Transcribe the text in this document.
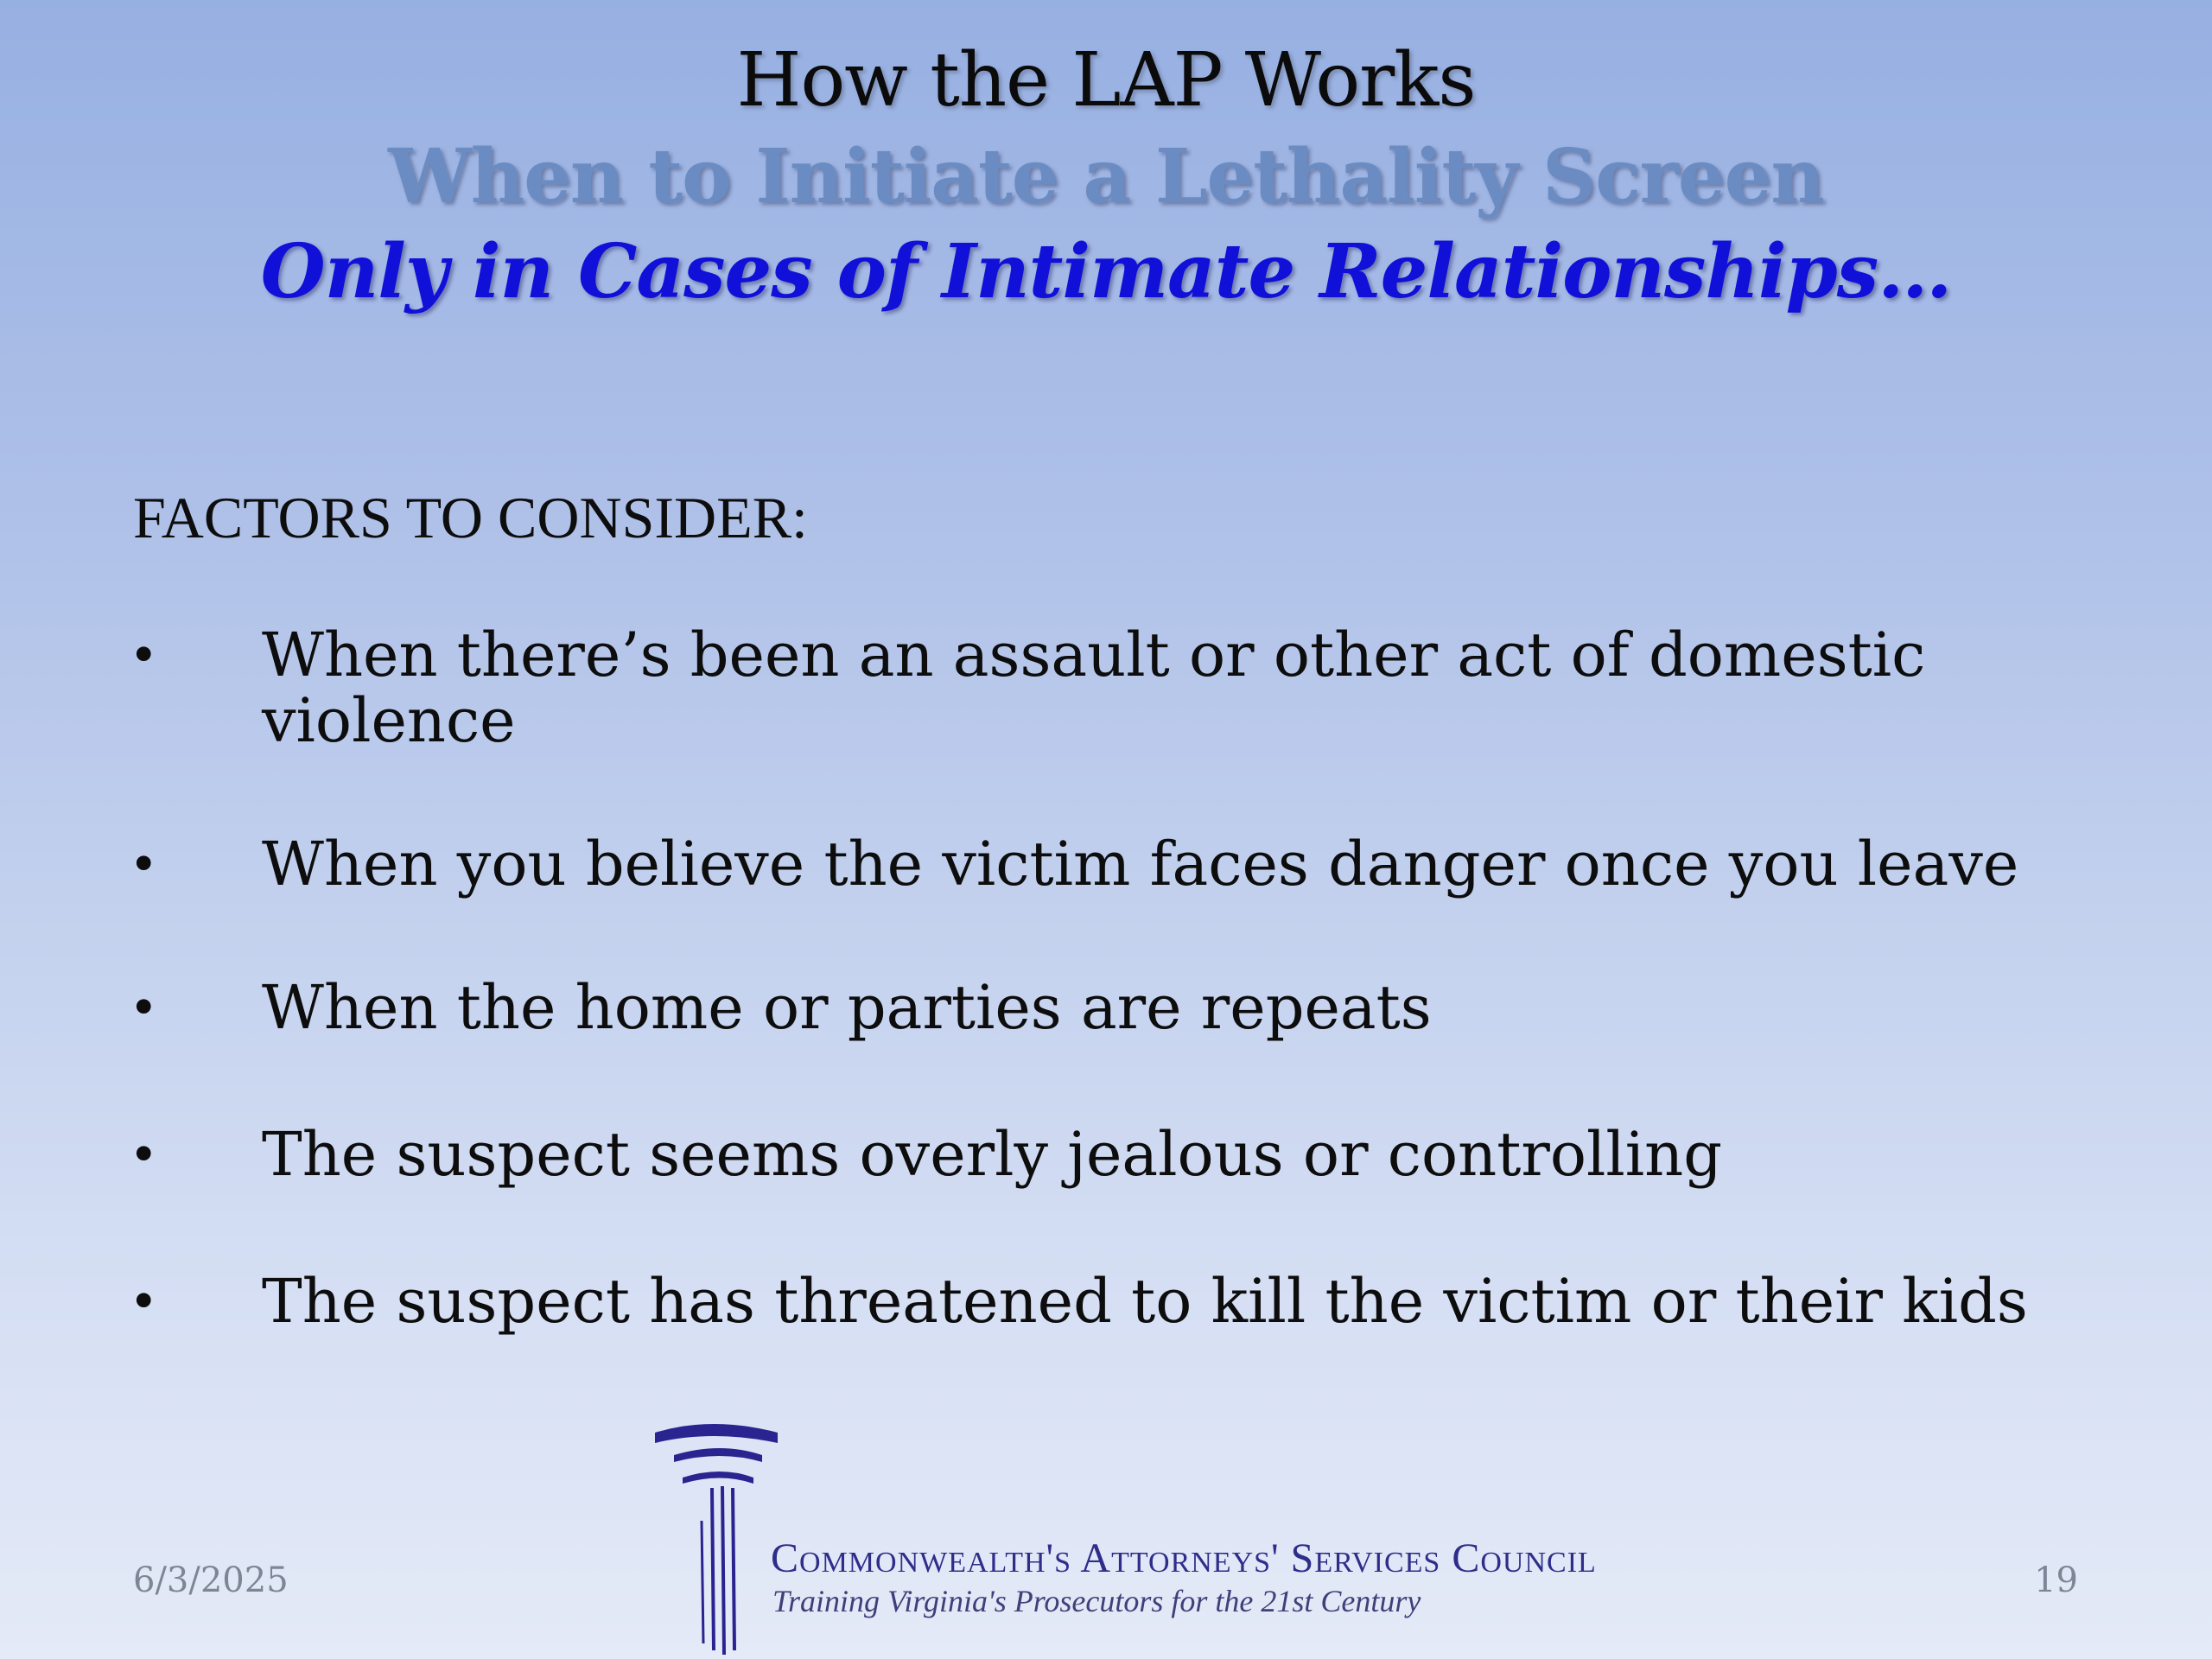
How the LAP Works
When to Initiate a Lethality Screen
Only in Cases of Intimate Relationships…
FACTORS TO CONSIDER:
•	When there’s been an assault or other act of domestic violence
•	When you believe the victim faces danger once you leave
•	When the home or parties are repeats
•	The suspect seems overly jealous or controlling
•	The suspect has threatened to kill the victim or their kids
6/3/2025	Commonwealth's Attorneys' Services Council
Training Virginia's Prosecutors for the 21st Century
19
